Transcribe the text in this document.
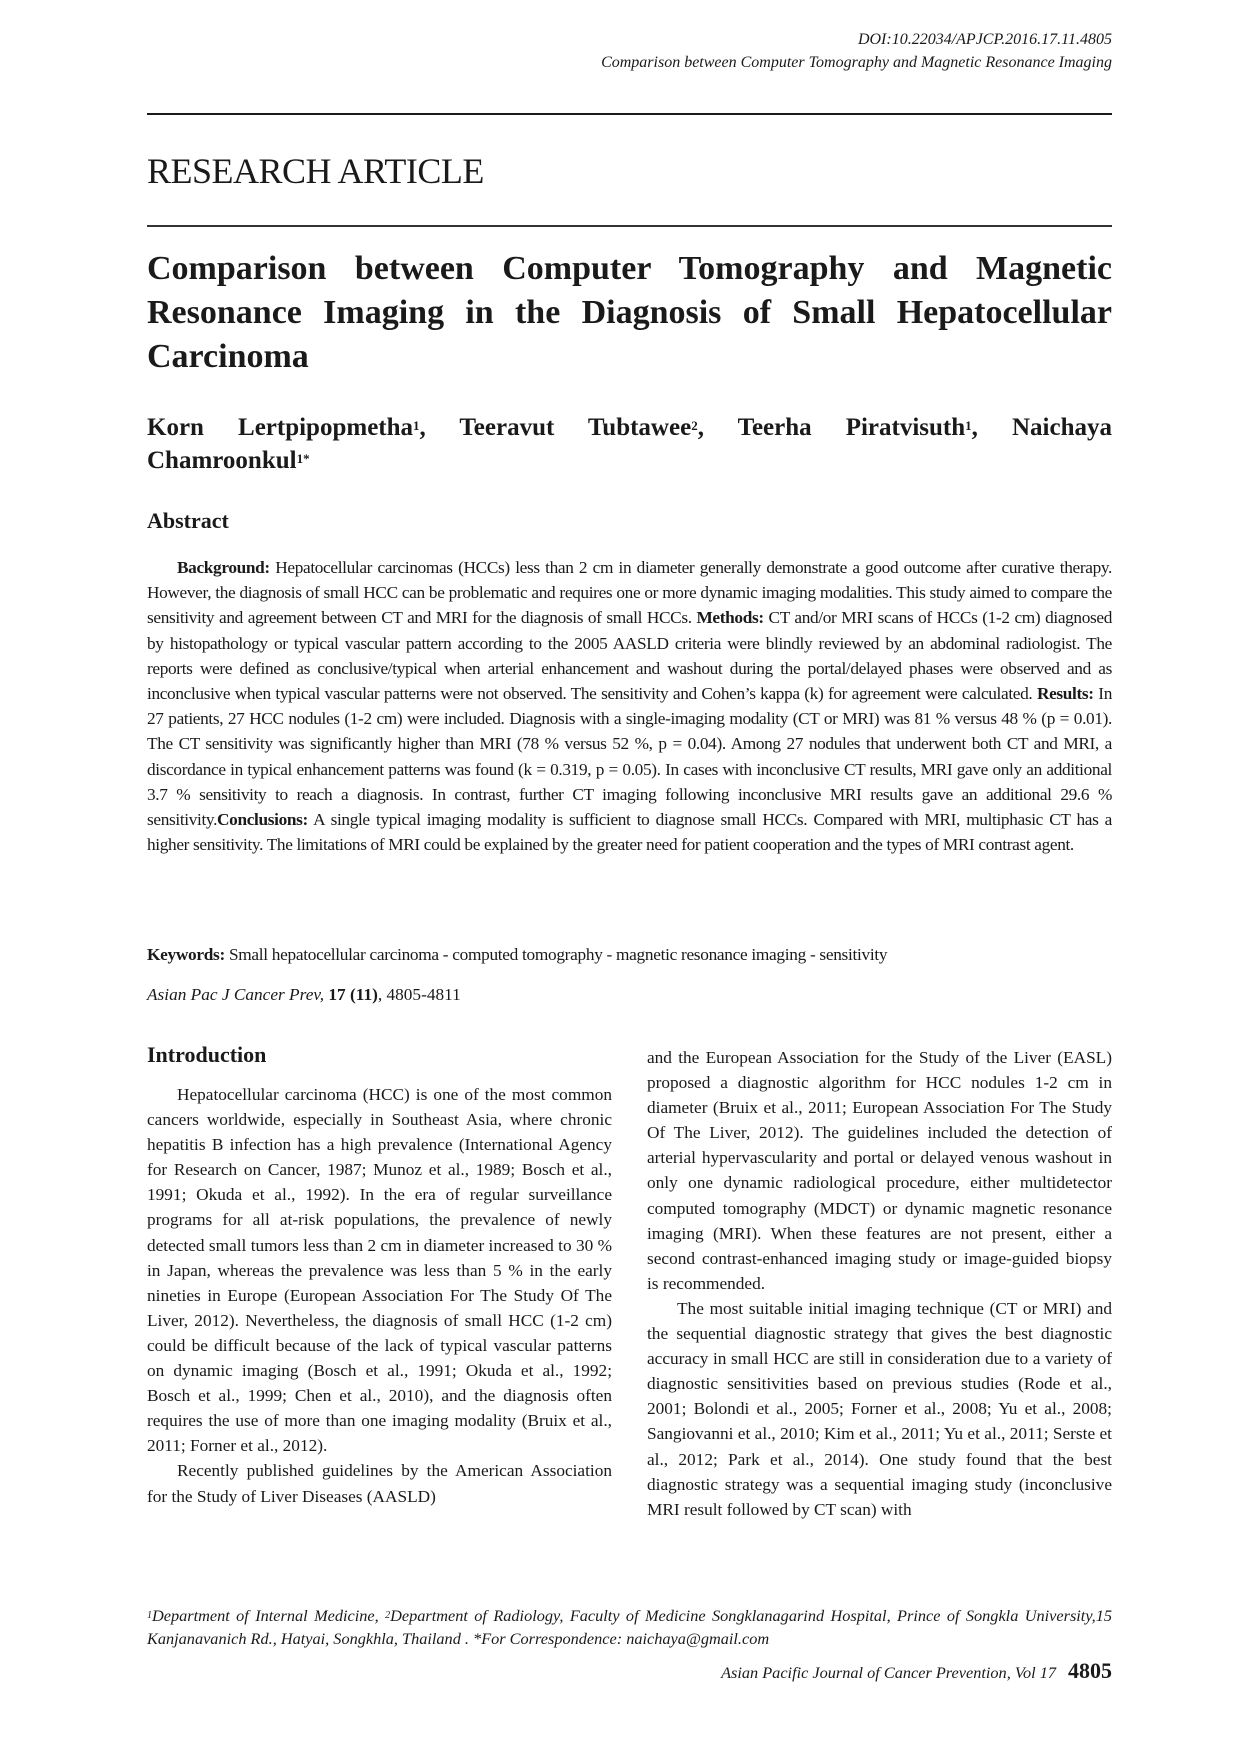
DOI:10.22034/APJCP.2016.17.11.4805
Comparison between Computer Tomography and Magnetic Resonance Imaging
RESEARCH ARTICLE
Comparison between Computer Tomography and Magnetic Resonance Imaging in the Diagnosis of Small Hepatocellular Carcinoma
Korn Lertpipopmetha$^1$, Teeravut Tubtawee$^2$, Teerha Piratvisuth$^1$, Naichaya Chamroonkul$^{1*}$
Abstract

Background: Hepatocellular carcinomas (HCCs) less than 2 cm in diameter generally demonstrate a good outcome after curative therapy. However, the diagnosis of small HCC can be problematic and requires one or more dynamic imaging modalities. This study aimed to compare the sensitivity and agreement between CT and MRI for the diagnosis of small HCCs. Methods: CT and/or MRI scans of HCCs (1-2 cm) diagnosed by histopathology or typical vascular pattern according to the 2005 AASLD criteria were blindly reviewed by an abdominal radiologist. The reports were defined as conclusive/typical when arterial enhancement and washout during the portal/delayed phases were observed and as inconclusive when typical vascular patterns were not observed. The sensitivity and Cohen’s kappa (k) for agreement were calculated. Results: In 27 patients, 27 HCC nodules (1-2 cm) were included. Diagnosis with a single-imaging modality (CT or MRI) was 81 % versus 48 % (p = 0.01). The CT sensitivity was significantly higher than MRI (78 % versus 52 %, p = 0.04). Among 27 nodules that underwent both CT and MRI, a discordance in typical enhancement patterns was found (k = 0.319, p = 0.05). In cases with inconclusive CT results, MRI gave only an additional 3.7 % sensitivity to reach a diagnosis. In contrast, further CT imaging following inconclusive MRI results gave an additional 29.6 % sensitivity.Conclusions: A single typical imaging modality is sufficient to diagnose small HCCs. Compared with MRI, multiphasic CT has a higher sensitivity. The limitations of MRI could be explained by the greater need for patient cooperation and the types of MRI contrast agent.

Keywords: Small hepatocellular carcinoma - computed tomography - magnetic resonance imaging - sensitivity
Asian Pac J Cancer Prev, 17 (11), 4805-4811
Introduction

Hepatocellular carcinoma (HCC) is one of the most common cancers worldwide, especially in Southeast Asia, where chronic hepatitis B infection has a high prevalence (International Agency for Research on Cancer, 1987; Munoz et al., 1989; Bosch et al., 1991; Okuda et al., 1992). In the era of regular surveillance programs for all at-risk populations, the prevalence of newly detected small tumors less than 2 cm in diameter increased to 30 % in Japan, whereas the prevalence was less than 5 % in the early nineties in Europe (European Association For The Study Of The Liver, 2012). Nevertheless, the diagnosis of small HCC (1-2 cm) could be difficult because of the lack of typical vascular patterns on dynamic imaging (Bosch et al., 1991; Okuda et al., 1992; Bosch et al., 1999; Chen et al., 2010), and the diagnosis often requires the use of more than one imaging modality (Bruix et al., 2011; Forner et al., 2012).

Recently published guidelines by the American Association for the Study of Liver Diseases (AASLD)

and the European Association for the Study of the Liver (EASL) proposed a diagnostic algorithm for HCC nodules 1-2 cm in diameter (Bruix et al., 2011; European Association For The Study Of The Liver, 2012). The guidelines included the detection of arterial hypervascularity and portal or delayed venous washout in only one dynamic radiological procedure, either multidetector computed tomography (MDCT) or dynamic magnetic resonance imaging (MRI). When these features are not present, either a second contrast-enhanced imaging study or image-guided biopsy is recommended.

The most suitable initial imaging technique (CT or MRI) and the sequential diagnostic strategy that gives the best diagnostic accuracy in small HCC are still in consideration due to a variety of diagnostic sensitivities based on previous studies (Rode et al., 2001; Bolondi et al., 2005; Forner et al., 2008; Yu et al., 2008; Sangiovanni et al., 2010; Kim et al., 2011; Yu et al., 2011; Serste et al., 2012; Park et al., 2014). One study found that the best diagnostic strategy was a sequential imaging study (inconclusive MRI result followed by CT scan) with

$^1$Department of Internal Medicine, $^2$Department of Radiology, Faculty of Medicine Songklanagarind Hospital, Prince of Songkla University,15 Kanjanavanich Rd., Hatyai, Songkhla, Thailand . *For Correspondence: naichaya@gmail.com
Asian Pacific Journal of Cancer Prevention, Vol 17 4805
